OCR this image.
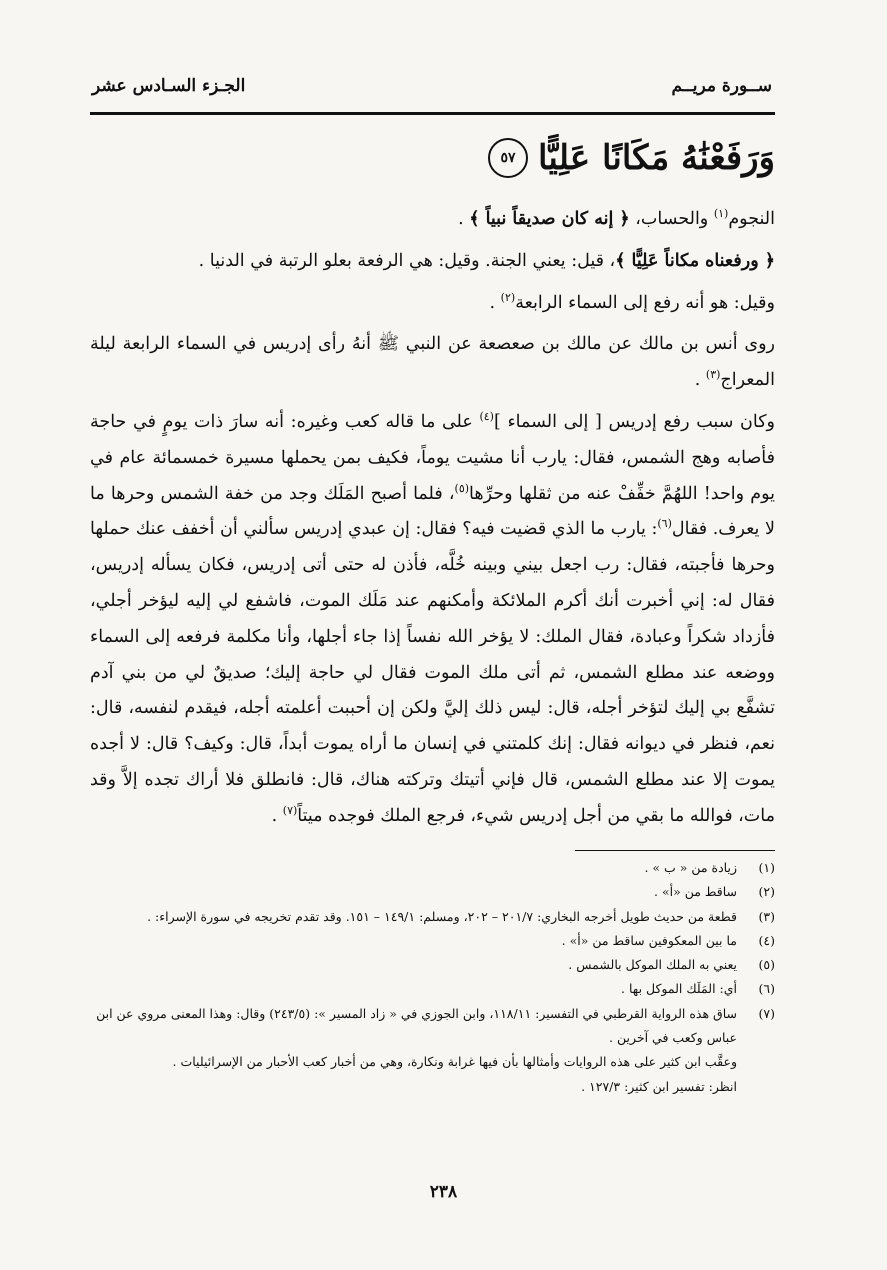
ســورة مريــم
الجـزء السـادس عشر
وَرَفَعْنَٰهُ مَكَانًا عَلِيًّا
٥٧

النجوم$^{(١)}$ والحساب، ﴿ إنه كان صديقاً نبياً ﴾ .

﴿ ورفعناه مكاناً عَلِيًّا ﴾، قيل: يعني الجنة. وقيل: هي الرفعة بعلو الرتبة في الدنيا .

وقيل: هو أنه رفع إلى السماء الرابعة$^{(٢)}$ .

روى أنس بن مالك عن مالك بن صعصعة عن النبي ﷺ أنهُ رأى إدريس في السماء الرابعة ليلة المعراج$^{(٣)}$ .

وكان سبب رفع إدريس [ إلى السماء ]$^{(٤)}$ على ما قاله كعب وغيره: أنه سارَ ذات يومٍ في حاجة فأصابه وهج الشمس، فقال: يارب أنا مشيت يوماً، فكيف بمن يحملها مسيرة خمسمائة عام في يوم واحد! اللهُمَّ خفِّفْ عنه من ثقلها وحرِّها$^{(٥)}$، فلما أصبح المَلَك وجد من خفة الشمس وحرها ما لا يعرف. فقال$^{(٦)}$: يارب ما الذي قضيت فيه؟ فقال: إن عبدي إدريس سألني أن أخفف عنك حملها وحرها فأجبته، فقال: رب اجعل بيني وبينه خُلَّه، فأذن له حتى أتى إدريس، فكان يسأله إدريس، فقال له: إني أخبرت أنك أكرم الملائكة وأمكنهم عند مَلَك الموت، فاشفع لي إليه ليؤخر أجلي، فأزداد شكراً وعبادة، فقال الملك: لا يؤخر الله نفساً إذا جاء أجلها، وأنا مكلمة فرفعه إلى السماء ووضعه عند مطلع الشمس، ثم أتى ملك الموت فقال لي حاجة إليك؛ صديقٌ لي من بني آدم تشفَّع بي إليك لتؤخر أجله، قال: ليس ذلك إليَّ ولكن إن أحببت أعلمته أجله، فيقدم لنفسه، قال: نعم، فنظر في ديوانه فقال: إنك كلمتني في إنسان ما أراه يموت أبداً، قال: وكيف؟ قال: لا أجده يموت إلا عند مطلع الشمس، قال فإني أتيتك وتركته هناك، قال: فانطلق فلا أراك تجده إلاَّ وقد مات، فوالله ما بقي من أجل إدريس شيء، فرجع الملك فوجده ميتاً$^{(٧)}$ .

(١)
زيادة من « ب » .
(٢)
ساقط من «أ» .
(٣)
قطعة من حديث طويل أخرجه البخاري: ٢٠١/٧ – ٢٠٢، ومسلم: ١٤٩/١ – ١٥١. وقد تقدم تخريجه في سورة الإسراء: .
(٤)
ما بين المعكوفين ساقط من «أ» .
(٥)
يعني به الملك الموكل بالشمس .
(٦)
أي: المَلَك الموكل بها .
(٧)
ساق هذه الرواية القرطبي في التفسير: ١١٨/١١، وابن الجوزي في « زاد المسير »: (٢٤٣/٥) وقال: وهذا المعنى مروي عن ابن عباس وكعب في آخرين .
وعقَّب ابن كثير على هذه الروايات وأمثالها بأن فيها غرابة ونكارة، وهي من أخبار كعب الأحبار من الإسرائيليات .
انظر: تفسير ابن كثير: ١٢٧/٣ .
٢٣٨
